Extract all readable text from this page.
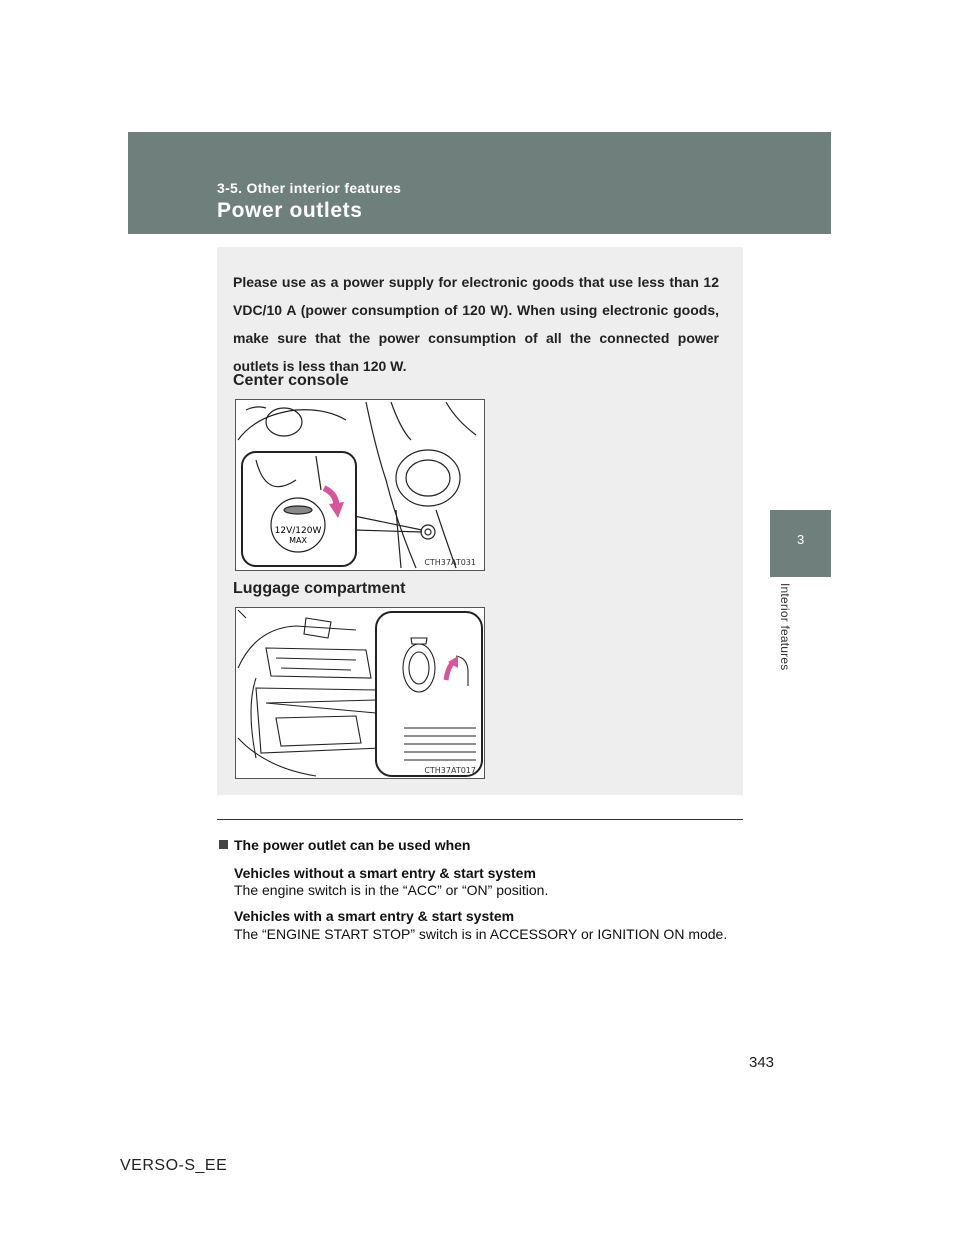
3-5. Other interior features
Power outlets
3
Interior features
Please use as a power supply for electronic goods that use less than 12 VDC/10 A (power consumption of 120 W). When using electronic goods, make sure that the power consumption of all the connected power outlets is less than 120 W.
Center console
12V/120W
MAX
CTH37AT031
Luggage compartment
CTH37AT017
The power outlet can be used when
Vehicles without a smart entry & start system
The engine switch is in the “ACC” or “ON” position.
Vehicles with a smart entry & start system
The “ENGINE START STOP” switch is in ACCESSORY or IGNITION ON mode.
343
VERSO-S_EE
